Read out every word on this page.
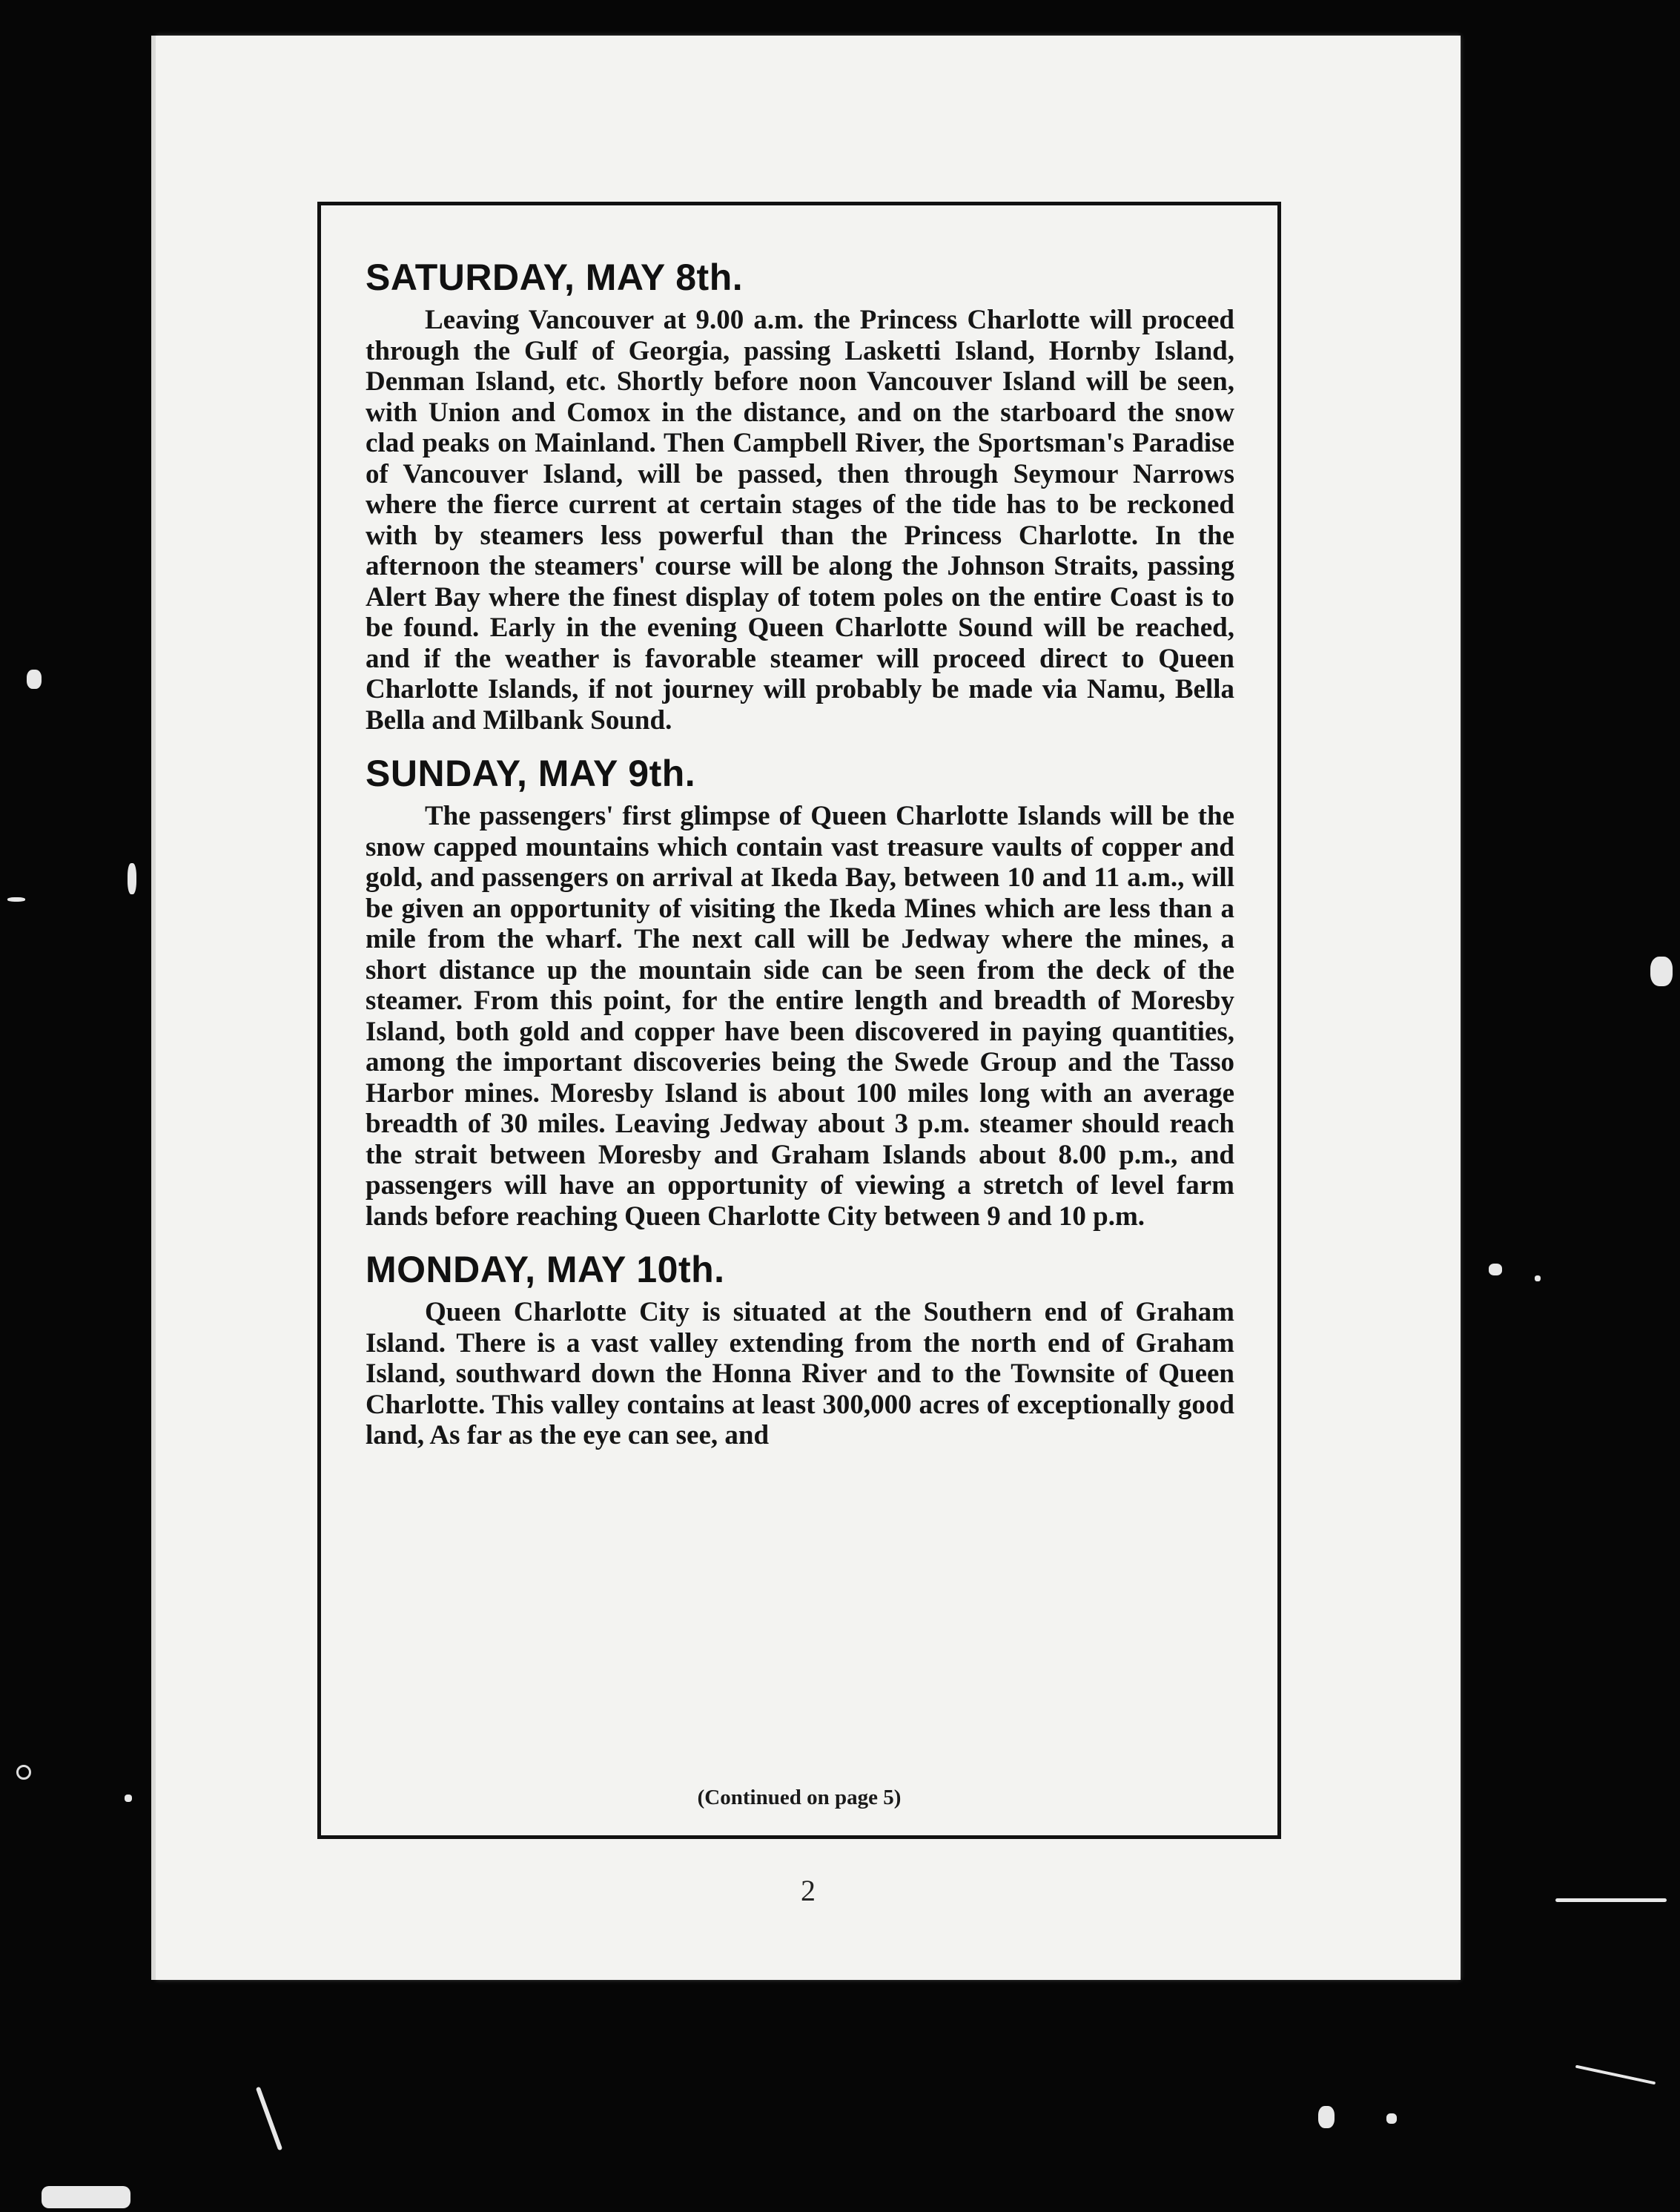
SATURDAY, MAY 8th.

Leaving Vancouver at 9.00 a.m. the Princess Charlotte will proceed through the Gulf of Georgia, passing Lasketti Island, Hornby Island, Denman Island, etc. Shortly before noon Vancouver Island will be seen, with Union and Comox in the distance, and on the starboard the snow clad peaks on Mainland. Then Campbell River, the Sportsman's Paradise of Vancouver Island, will be passed, then through Seymour Narrows where the fierce current at certain stages of the tide has to be reckoned with by steamers less powerful than the Princess Charlotte. In the afternoon the steamers' course will be along the Johnson Straits, passing Alert Bay where the finest display of totem poles on the entire Coast is to be found. Early in the evening Queen Charlotte Sound will be reached, and if the weather is favorable steamer will proceed direct to Queen Charlotte Islands, if not journey will probably be made via Namu, Bella Bella and Milbank Sound.

SUNDAY, MAY 9th.

The passengers' first glimpse of Queen Charlotte Islands will be the snow capped mountains which contain vast treasure vaults of copper and gold, and passengers on arrival at Ikeda Bay, between 10 and 11 a.m., will be given an opportunity of visiting the Ikeda Mines which are less than a mile from the wharf. The next call will be Jedway where the mines, a short distance up the mountain side can be seen from the deck of the steamer. From this point, for the entire length and breadth of Moresby Island, both gold and copper have been discovered in paying quantities, among the important discoveries being the Swede Group and the Tasso Harbor mines. Moresby Island is about 100 miles long with an average breadth of 30 miles. Leaving Jedway about 3 p.m. steamer should reach the strait between Moresby and Graham Islands about 8.00 p.m., and passengers will have an opportunity of viewing a stretch of level farm lands before reaching Queen Charlotte City between 9 and 10 p.m.

MONDAY, MAY 10th.

Queen Charlotte City is situated at the Southern end of Graham Island. There is a vast valley extending from the north end of Graham Island, southward down the Honna River and to the Townsite of Queen Charlotte. This valley contains at least 300,000 acres of exceptionally good land, As far as the eye can see, and

(Continued on page 5)
2
